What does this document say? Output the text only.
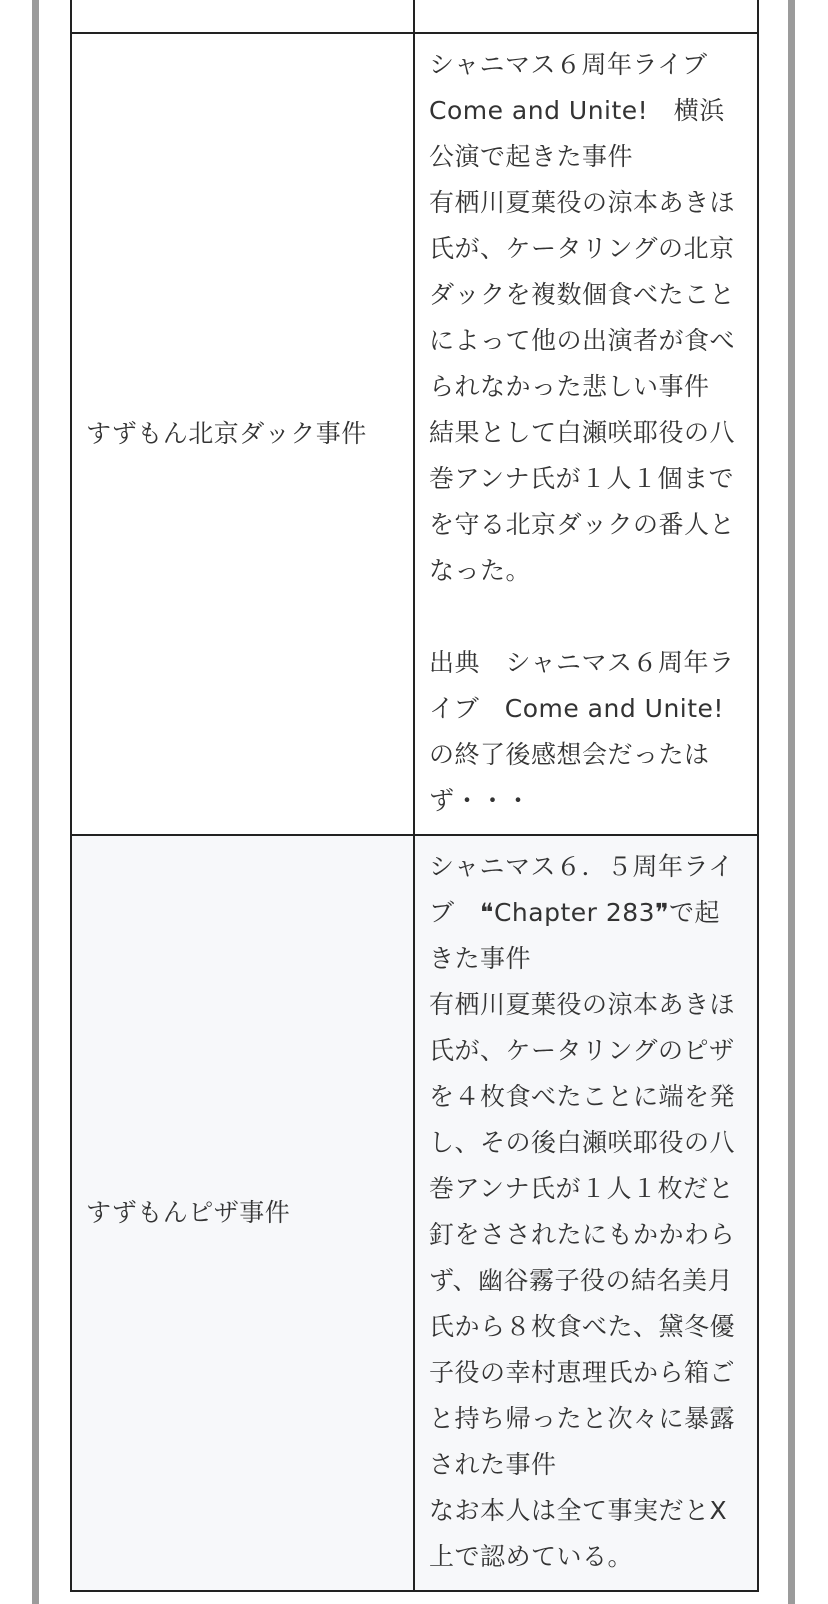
すずもん北京ダック事件
シャニマス６周年ライブ
Come and Unite!　横浜
公演で起きた事件
有栖川夏葉役の涼本あきほ
氏が、ケータリングの北京
ダックを複数個食べたこと
によって他の出演者が食べ
られなかった悲しい事件
結果として白瀬咲耶役の八
巻アンナ氏が１人１個まで
を守る北京ダックの番人と
なった。
出典　シャニマス６周年ラ
イブ　Come and Unite!
の終了後感想会だったは
ず・・・
すずもんピザ事件
シャニマス６．５周年ライ
ブ　❝Chapter 283❞で起
きた事件
有栖川夏葉役の涼本あきほ
氏が、ケータリングのピザ
を４枚食べたことに端を発
し、その後白瀬咲耶役の八
巻アンナ氏が１人１枚だと
釘をさされたにもかかわら
ず、幽谷霧子役の結名美月
氏から８枚食べた、黛冬優
子役の幸村恵理氏から箱ご
と持ち帰ったと次々に暴露
された事件
なお本人は全て事実だとX
上で認めている。
